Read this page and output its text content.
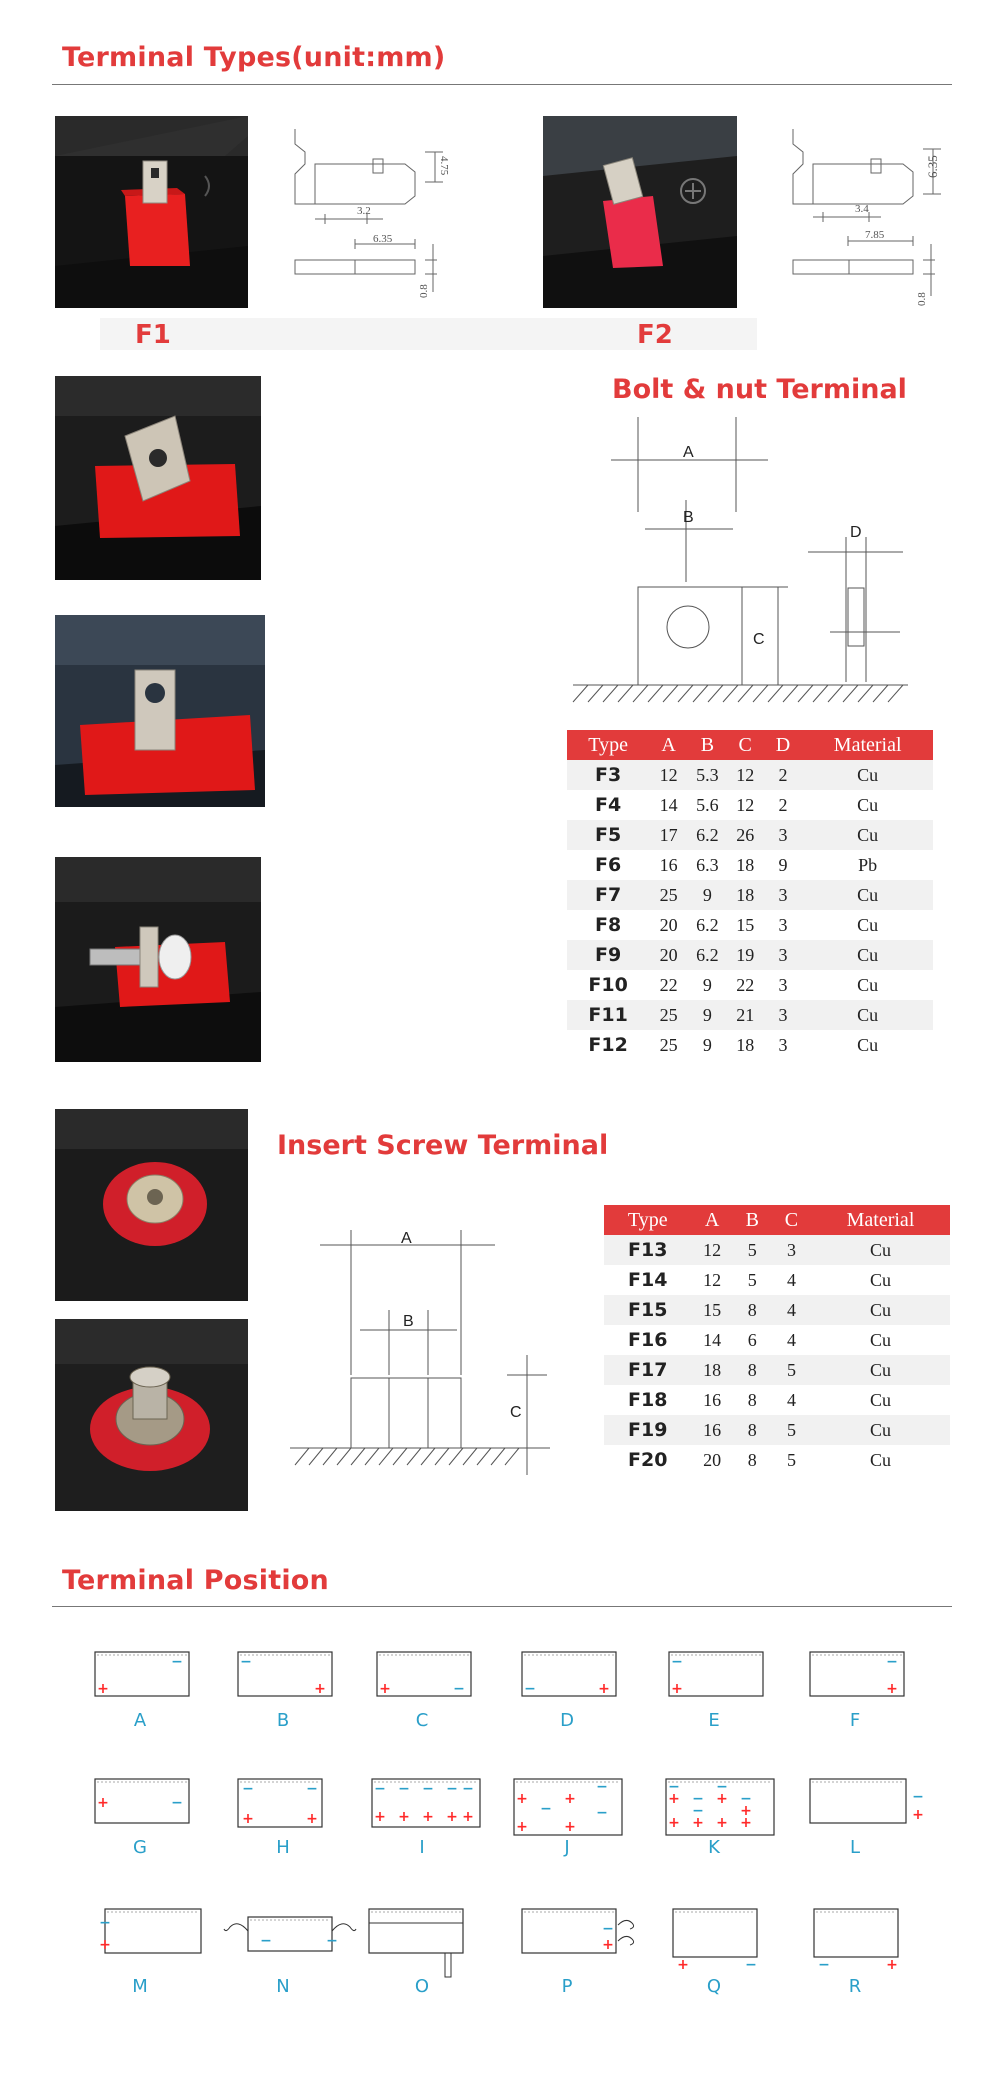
Terminal Types(unit:mm)
4.75
3.2
6.35
0.8
6.35
3.4
7.85
0.8
F1	F2
Bolt & nut Terminal
A
B
C
D
Type	A	B	C	D	Material
F3	12	5.3	12	2	Cu
F4	14	5.6	12	2	Cu
F5	17	6.2	26	3	Cu
F6	16	6.3	18	9	Pb
F7	25	9	18	3	Cu
F8	20	6.2	15	3	Cu
F9	20	6.2	19	3	Cu
F10	22	9	22	3	Cu
F11	25	9	21	3	Cu
F12	25	9	18	3	Cu
Insert Screw Terminal
A
B
C
Type	A	B	C	Material
F13	12	5	3	Cu
F14	12	5	4	Cu
F15	15	8	4	Cu
F16	14	6	4	Cu
F17	18	8	5	Cu
F18	16	8	4	Cu
F19	16	8	5	Cu
F20	20	8	5	Cu
Terminal Position
−
+
A
−
+
B
+	−
C
−	+
D
−
+
E
−
+
F
+	−
G
−	−
+	+
H
− − − − −
+ + + + +
I
−
+	+
−	−
+	+
J
−	−
+ − + −
−	+
+ + + +
K
−
+
L
−
+
M
−	−
N	O
−
+
P
+	−
Q
−	+
R
